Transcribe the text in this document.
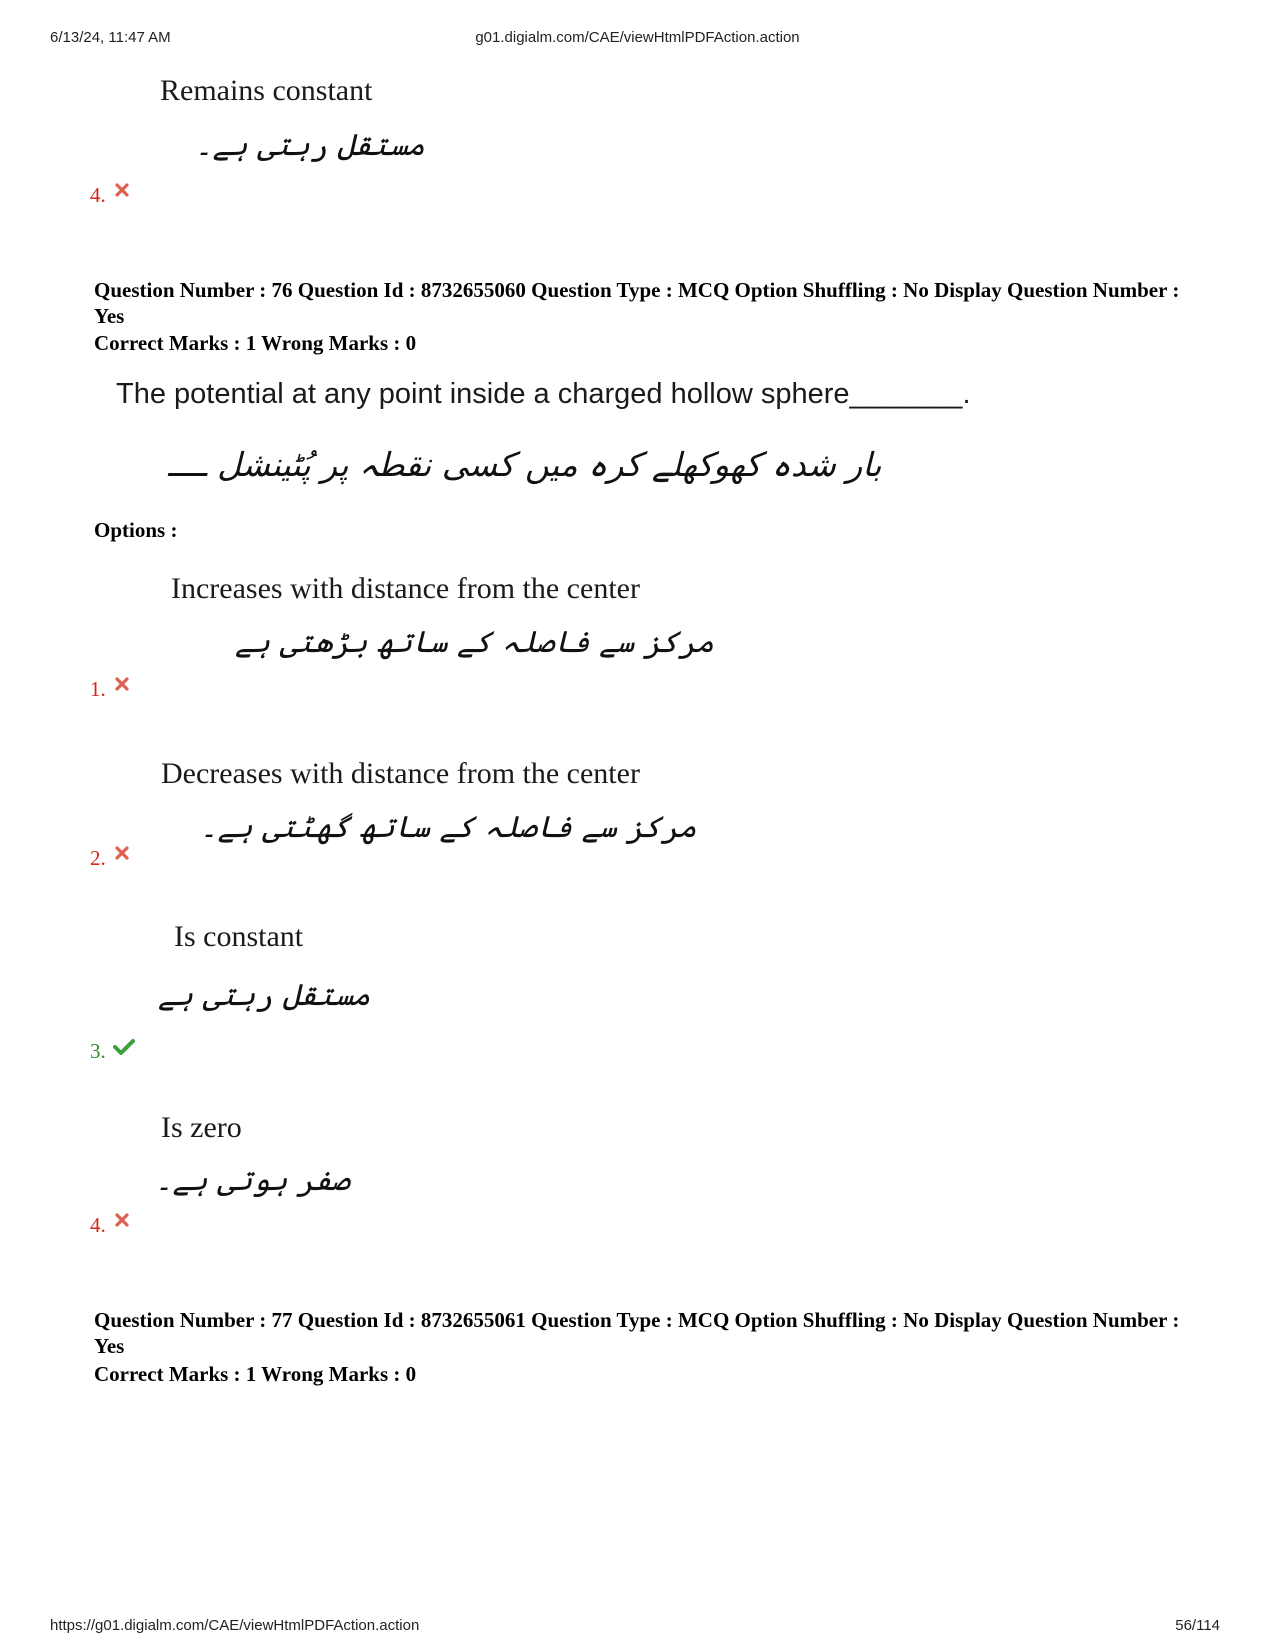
6/13/24, 11:47 AM	g01.digialm.com/CAE/viewHtmlPDFAction.action
Remains constant
مستقل رہتی ہے۔
4.
Question Number : 76 Question Id : 8732655060 Question Type : MCQ Option Shuffling : No Display Question Number : Yes
Correct Marks : 1 Wrong Marks : 0
The potential at any point inside a charged hollow sphere_______.
بار شدہ کھوکھلے کرہ میں کسی نقطہ پر پُٹینشل ــــ
Options :
Increases with distance from the center
مرکز سے فاصلہ کے ساتھ بڑھتی ہے
1.
Decreases with distance from the center
مرکز سے فاصلہ کے ساتھ گھٹتی ہے۔
2.
Is constant
مستقل رہتی ہے
3.
Is zero
صفر ہوتی ہے۔
4.
Question Number : 77 Question Id : 8732655061 Question Type : MCQ Option Shuffling : No Display Question Number : Yes
Correct Marks : 1 Wrong Marks : 0
https://g01.digialm.com/CAE/viewHtmlPDFAction.action	56/114
